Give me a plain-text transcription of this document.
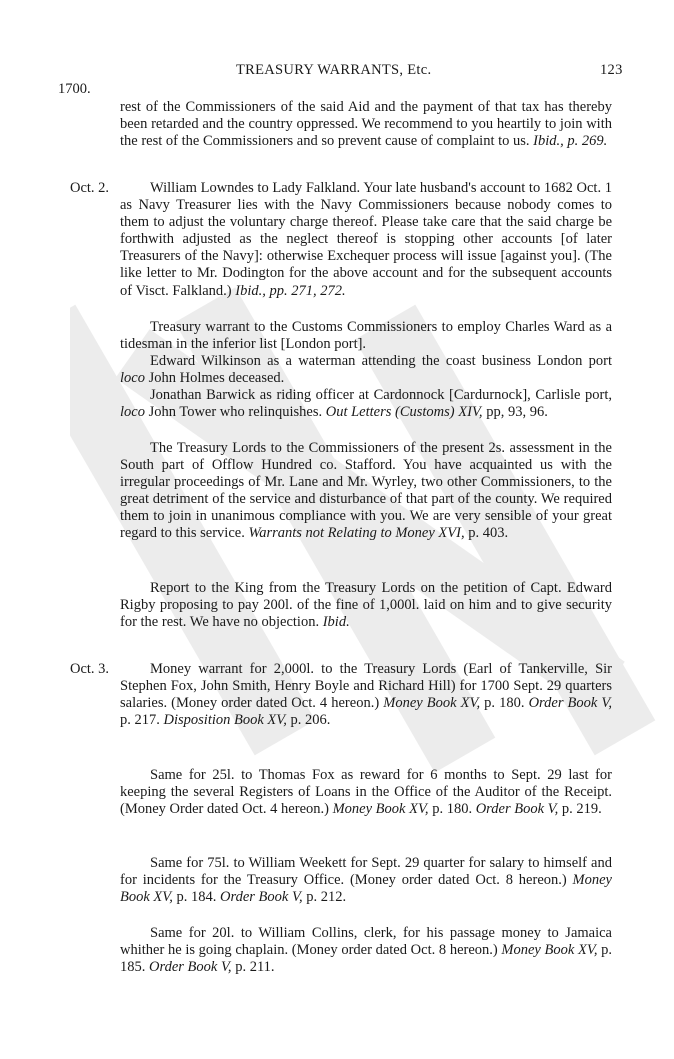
TREASURY WARRANTS, Etc.	123
1700.
rest of the Commissioners of the said Aid and the payment of that tax has thereby been retarded and the country oppressed. We recommend to you heartily to join with the rest of the Commissioners and so prevent cause of complaint to us. Ibid., p. 269.
Oct. 2.	William Lowndes to Lady Falkland. Your late husband's account to 1682 Oct. 1 as Navy Treasurer lies with the Navy Commissioners because nobody comes to them to adjust the voluntary charge thereof. Please take care that the said charge be forthwith adjusted as the neglect thereof is stopping other accounts [of later Treasurers of the Navy]: otherwise Exchequer process will issue [against you]. (The like letter to Mr. Dodington for the above account and for the subsequent accounts of Visct. Falkland.) Ibid., pp. 271, 272.

Treasury warrant to the Customs Commissioners to employ Charles Ward as a tidesman in the inferior list [London port].

Edward Wilkinson as a waterman attending the coast business London port loco John Holmes deceased.

Jonathan Barwick as riding officer at Cardonnock [Cardurnock], Carlisle port, loco John Tower who relinquishes. Out Letters (Customs) XIV, pp, 93, 96.

The Treasury Lords to the Commissioners of the present 2s. assessment in the South part of Offlow Hundred co. Stafford. You have acquainted us with the irregular proceedings of Mr. Lane and Mr. Wyrley, two other Commissioners, to the great detriment of the service and disturbance of that part of the county. We required them to join in unanimous compliance with you. We are very sensible of your great regard to this service. Warrants not Relating to Money XVI, p. 403.
Report to the King from the Treasury Lords on the petition of Capt. Edward Rigby proposing to pay 200l. of the fine of 1,000l. laid on him and to give security for the rest. We have no objection. Ibid.
Oct. 3.	Money warrant for 2,000l. to the Treasury Lords (Earl of Tankerville, Sir Stephen Fox, John Smith, Henry Boyle and Richard Hill) for 1700 Sept. 29 quarters salaries. (Money order dated Oct. 4 hereon.) Money Book XV, p. 180. Order Book V, p. 217. Disposition Book XV, p. 206.
Same for 25l. to Thomas Fox as reward for 6 months to Sept. 29 last for keeping the several Registers of Loans in the Office of the Auditor of the Receipt. (Money Order dated Oct. 4 hereon.) Money Book XV, p. 180. Order Book V, p. 219.
Same for 75l. to William Weekett for Sept. 29 quarter for salary to himself and for incidents for the Treasury Office. (Money order dated Oct. 8 hereon.) Money Book XV, p. 184. Order Book V, p. 212.
Same for 20l. to William Collins, clerk, for his passage money to Jamaica whither he is going chaplain. (Money order dated Oct. 8 hereon.) Money Book XV, p. 185. Order Book V, p. 211.
